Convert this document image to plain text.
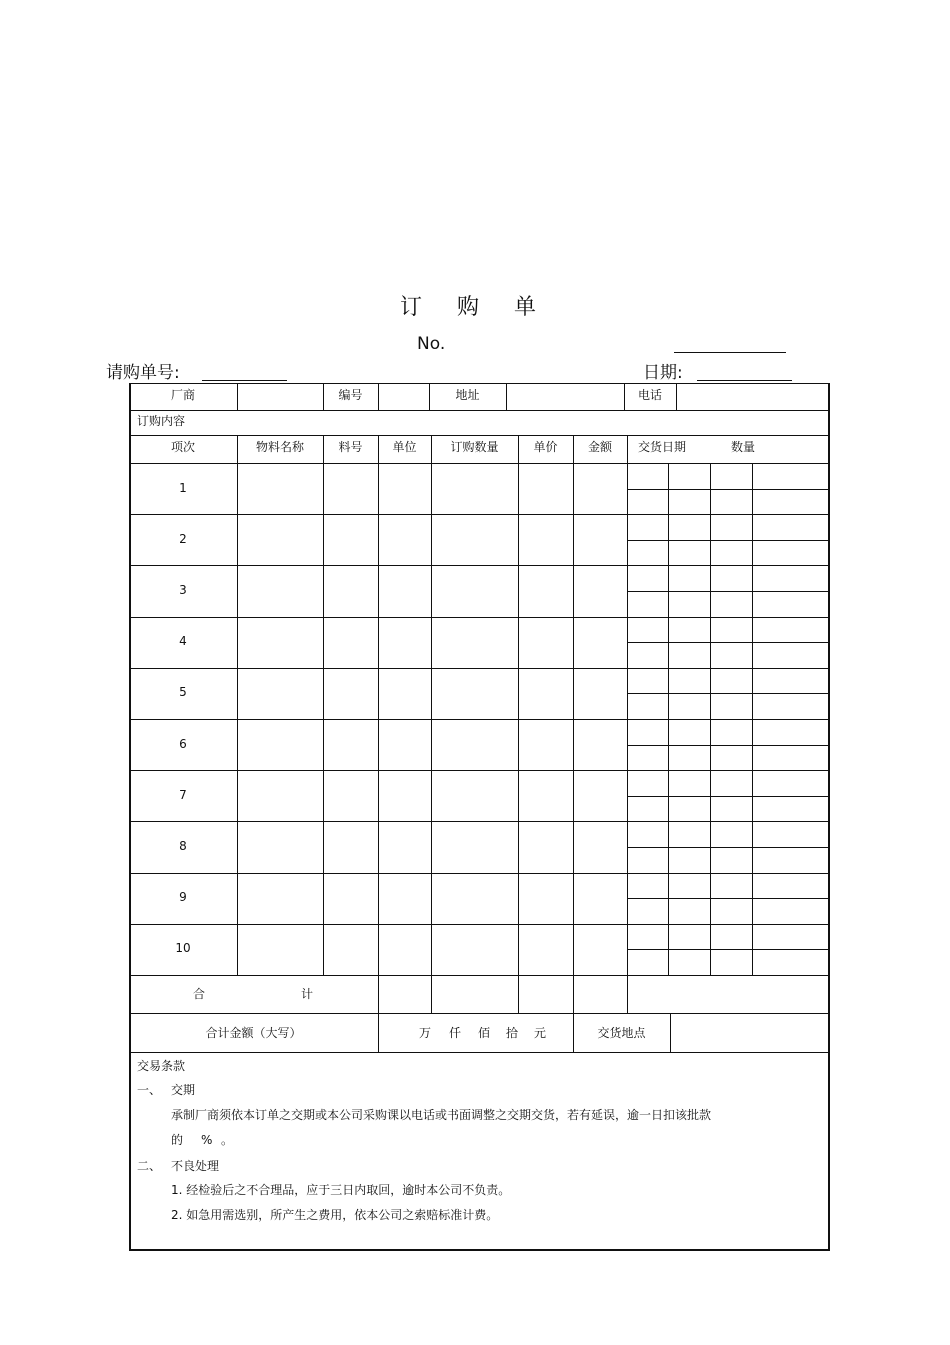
订 购 单
No.
请购单号:	日期:
厂商	编号	地址	电话
订购内容
项次	物料名称	料号	单位	订购数量	单价	金额	交货日期	数量
1
2
3
4
5
6
7
8
9
10
合	计
合计金额（大写）	万 仟 佰 拾 元	交货地点
交易条款
一、 交期
承制厂商须依本订单之交期或本公司采购课以电话或书面调整之交期交货，若有延误，逾一日扣该批款
的 % 。
二、 不良处理
1. 经检验后之不合理品，应于三日内取回，逾时本公司不负责。
2. 如急用需选别，所产生之费用，依本公司之索赔标准计费。
